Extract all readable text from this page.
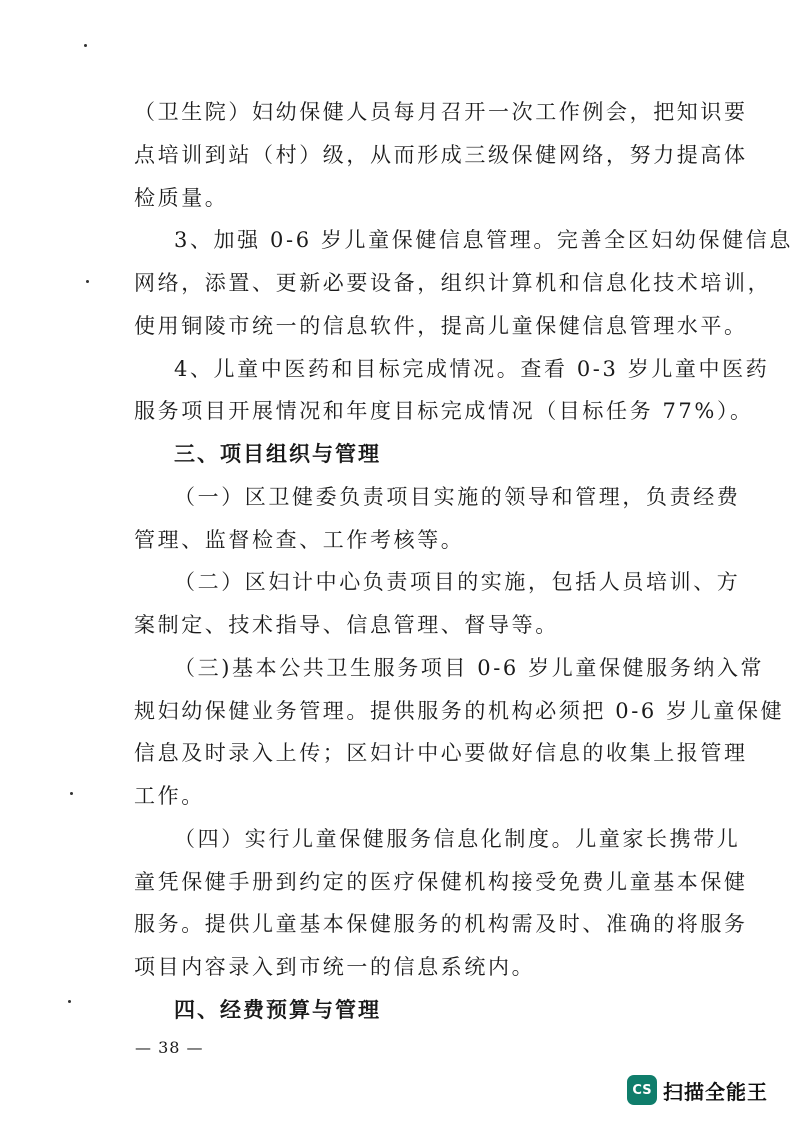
（卫生院）妇幼保健人员每月召开一次工作例会，把知识要
点培训到站（村）级，从而形成三级保健网络，努力提高体
检质量。
3、加强 0-6 岁儿童保健信息管理。完善全区妇幼保健信息
网络，添置、更新必要设备，组织计算机和信息化技术培训，
使用铜陵市统一的信息软件，提高儿童保健信息管理水平。
4、儿童中医药和目标完成情况。查看 0-3 岁儿童中医药
服务项目开展情况和年度目标完成情况（目标任务 77%）。
三、项目组织与管理
（一）区卫健委负责项目实施的领导和管理，负责经费
管理、监督检查、工作考核等。
（二）区妇计中心负责项目的实施，包括人员培训、方
案制定、技术指导、信息管理、督导等。
（三)基本公共卫生服务项目 0-6 岁儿童保健服务纳入常
规妇幼保健业务管理。提供服务的机构必须把 0-6 岁儿童保健
信息及时录入上传；区妇计中心要做好信息的收集上报管理
工作。
（四）实行儿童保健服务信息化制度。儿童家长携带儿
童凭保健手册到约定的医疗保健机构接受免费儿童基本保健
服务。提供儿童基本保健服务的机构需及时、准确的将服务
项目内容录入到市统一的信息系统内。
四、经费预算与管理
— 38 —
CS 扫描全能王
